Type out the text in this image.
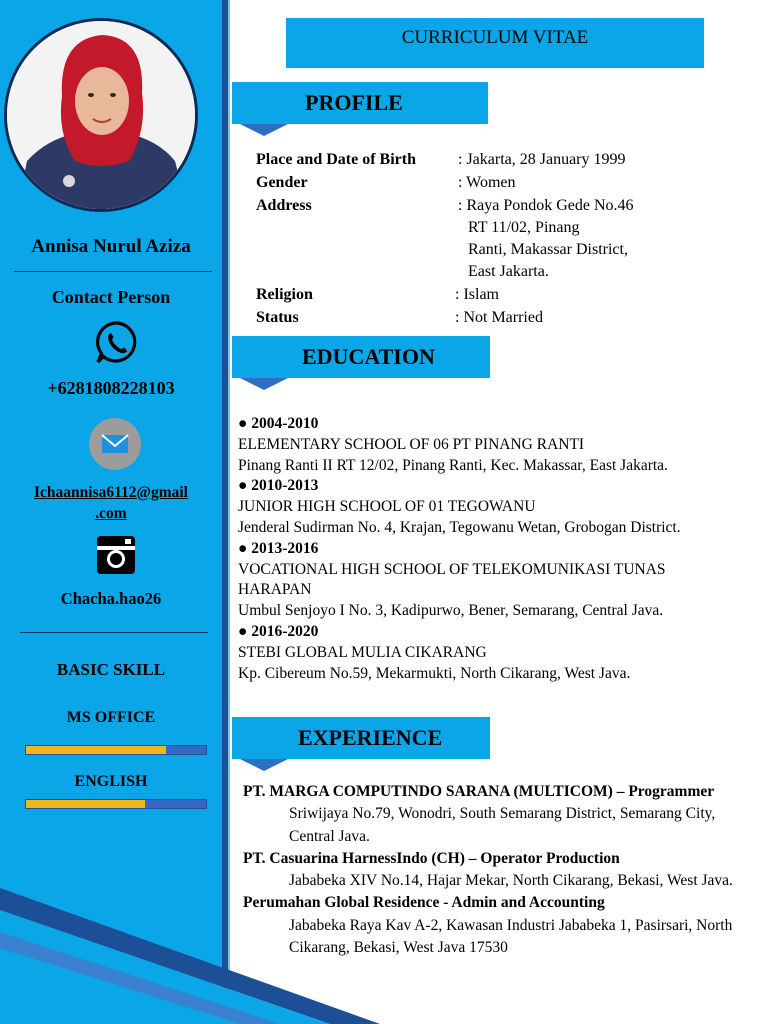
Annisa Nurul Aziza
Contact Person
+6281808228103
Ichaannisa6112@gmail
.com
Chacha.hao26
BASIC SKILL
MS OFFICE
ENGLISH
CURRICULUM VITAE
PROFILE
Place and Date of Birth	: Jakarta, 28 January 1999
Gender	: Women
Address	: Raya Pondok Gede No.46
RT 11/02, Pinang
Ranti, Makassar District,
East Jakarta.
Religion	: Islam
Status	: Not Married
EDUCATION
● 2004-2010
ELEMENTARY SCHOOL OF 06 PT PINANG RANTI
Pinang Ranti II RT 12/02, Pinang Ranti, Kec. Makassar, East Jakarta.
● 2010-2013
JUNIOR HIGH SCHOOL OF 01 TEGOWANU
Jenderal Sudirman No. 4, Krajan, Tegowanu Wetan, Grobogan District.
● 2013-2016
VOCATIONAL HIGH SCHOOL OF TELEKOMUNIKASI TUNAS HARAPAN
Umbul Senjoyo I No. 3, Kadipurwo, Bener, Semarang, Central Java.
● 2016-2020
STEBI GLOBAL MULIA CIKARANG
Kp. Cibereum No.59, Mekarmukti, North Cikarang, West Java.
EXPERIENCE
PT. MARGA COMPUTINDO SARANA (MULTICOM) – Programmer
Sriwijaya No.79, Wonodri, South Semarang District, Semarang City, Central Java.
PT. Casuarina HarnessIndo (CH) – Operator Production
Jababeka XIV No.14, Hajar Mekar, North Cikarang, Bekasi, West Java.
Perumahan Global Residence - Admin and Accounting
Jababeka Raya Kav A-2, Kawasan Industri Jababeka 1, Pasirsari, North Cikarang, Bekasi, West Java 17530
